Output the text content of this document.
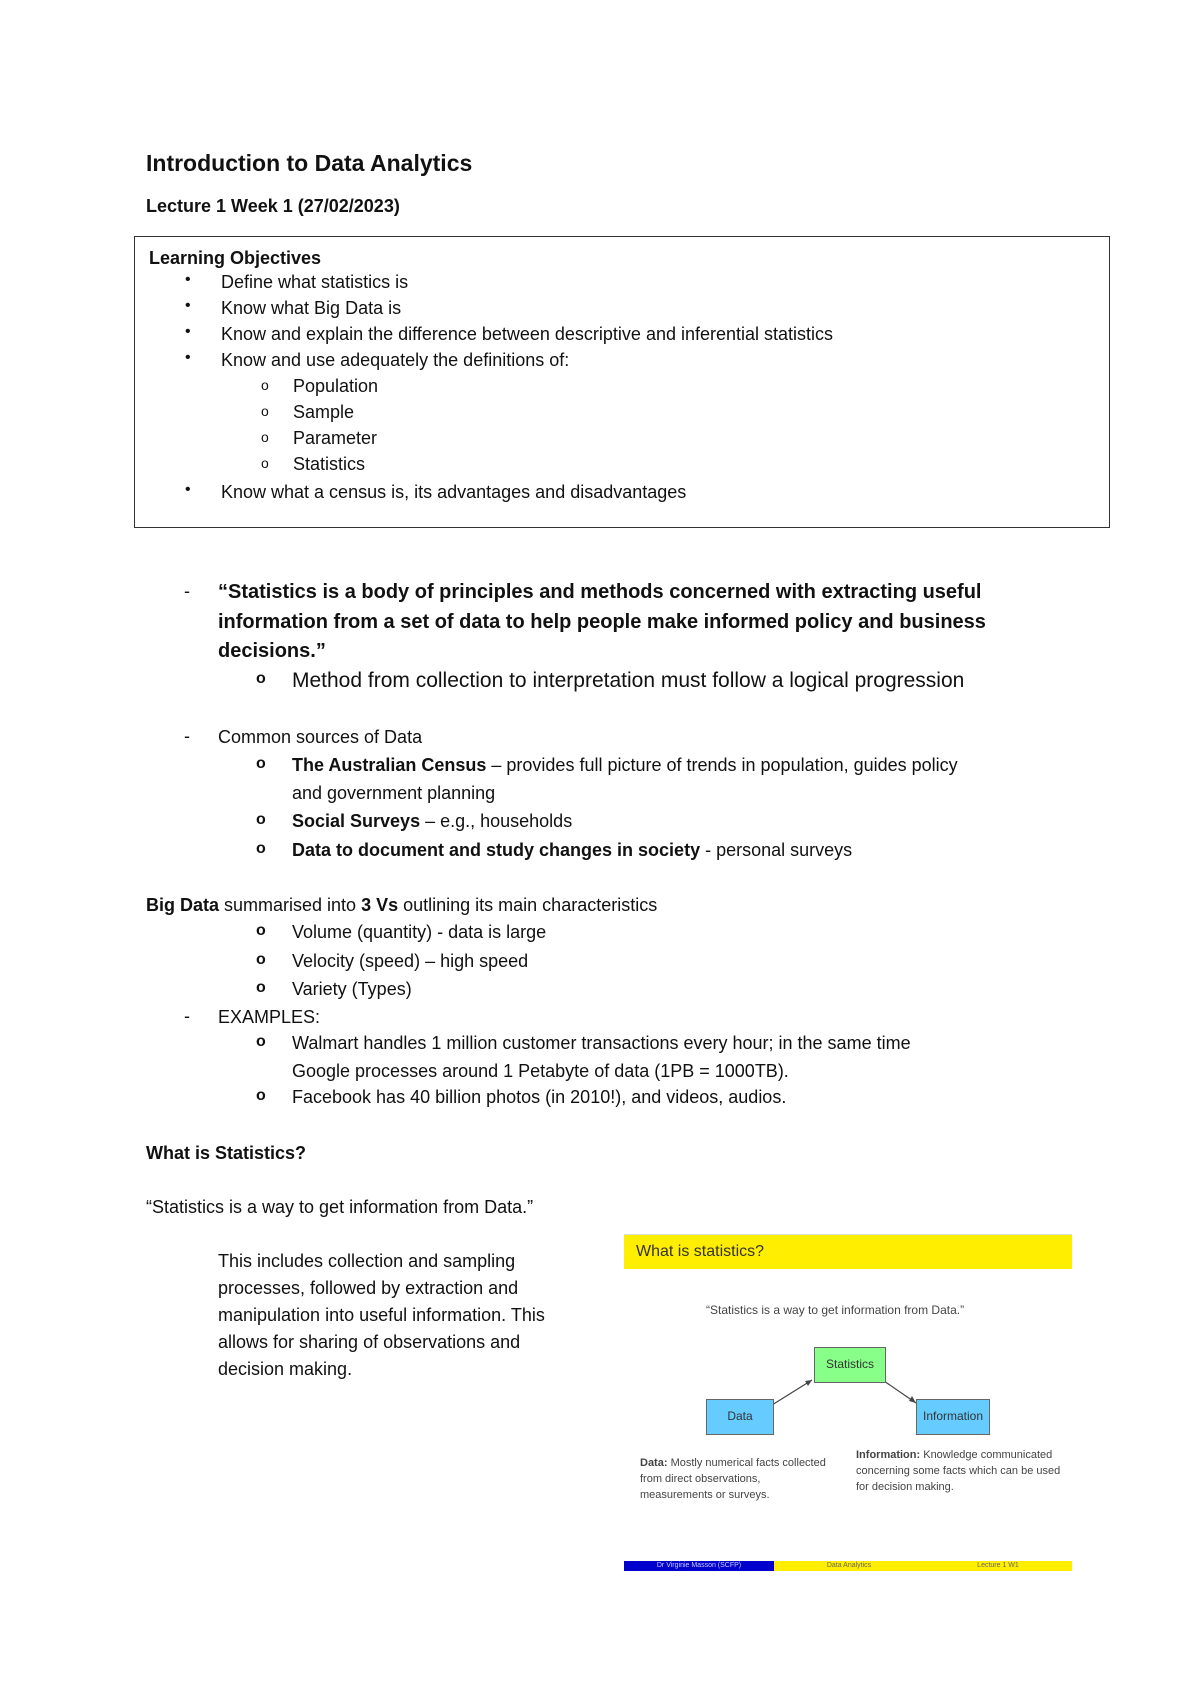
Introduction to Data Analytics
Lecture 1 Week 1 (27/02/2023)
Learning Objectives
• Define what statistics is
• Know what Big Data is
• Know and explain the difference between descriptive and inferential statistics
• Know and use adequately the definitions of:
o Population
o Sample
o Parameter
o Statistics
• Know what a census is, its advantages and disadvantages
- “Statistics is a body of principles and methods concerned with extracting useful
information from a set of data to help people make informed policy and business
decisions.”
o Method from collection to interpretation must follow a logical progression
- Common sources of Data
o The Australian Census – provides full picture of trends in population, guides policy
and government planning
o Social Surveys – e.g., households
o Data to document and study changes in society - personal surveys
Big Data summarised into 3 Vs outlining its main characteristics
o Volume (quantity) - data is large
o Velocity (speed) – high speed
o Variety (Types)
- EXAMPLES:
o Walmart handles 1 million customer transactions every hour; in the same time
Google processes around 1 Petabyte of data (1PB = 1000TB).
o Facebook has 40 billion photos (in 2010!), and videos, audios.
What is Statistics?
“Statistics is a way to get information from Data.”
This includes collection and sampling
processes, followed by extraction and
manipulation into useful information. This
allows for sharing of observations and
decision making.
What is statistics?
“Statistics is a way to get information from Data.”
Statistics
Data	Information
Data: Mostly numerical facts collected from direct observations, measurements or surveys.
Information: Knowledge communicated concerning some facts which can be used for decision making.
Dr Virginie Masson (SCFP)	Data Analytics	Lecture 1 W1
